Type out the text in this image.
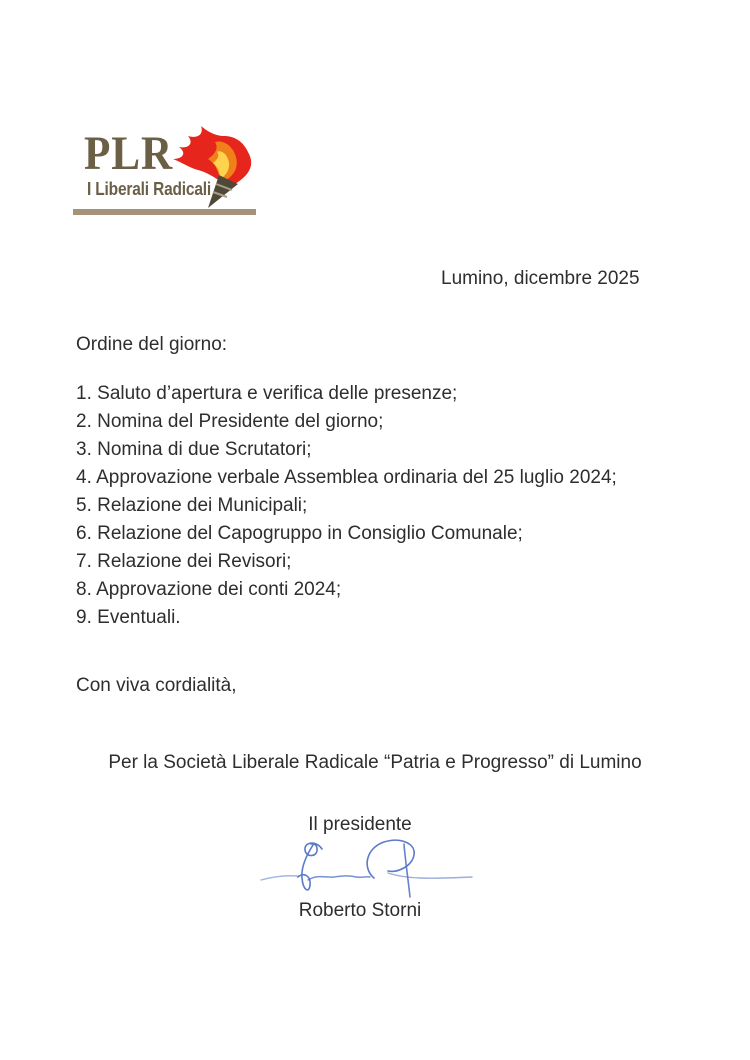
PLR
I Liberali Radicali
Lumino, dicembre 2025
Ordine del giorno:
1. Saluto d’apertura e verifica delle presenze;
2. Nomina del Presidente del giorno;
3. Nomina di due Scrutatori;
4. Approvazione verbale Assemblea ordinaria del 25 luglio 2024;
5. Relazione dei Municipali;
6. Relazione del Capogruppo in Consiglio Comunale;
7. Relazione dei Revisori;
8. Approvazione dei conti 2024;
9. Eventuali.
Con viva cordialità,
Per la Società Liberale Radicale “Patria e Progresso” di Lumino
Il presidente
Roberto Storni
